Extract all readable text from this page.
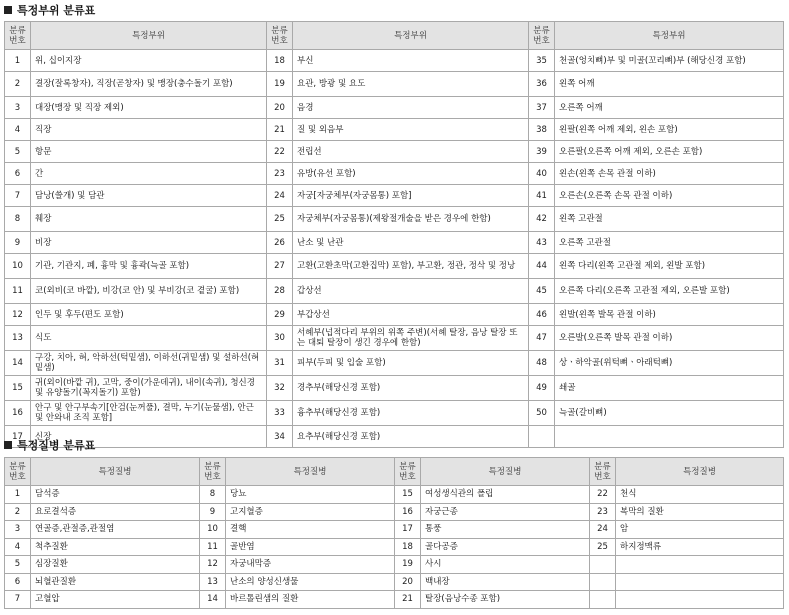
특정부위 분류표
분류 번호	특정부위	분류 번호	특정부위	분류 번호	특정부위
1	위, 십이지장	18	부신	35	천골(엉치뼈)부 및 미골(꼬리뼈)부 (해당신경 포함)
2	결장(잘록창자), 직장(곧창자) 및 맹장(충수돌기 포함)	19	요관, 방광 및 요도	36	왼쪽 어깨
3	대장(맹장 및 직장 제외)	20	음경	37	오른쪽 어깨
4	직장	21	질 및 외음부	38	왼팔(왼쪽 어깨 제외, 왼손 포함)
5	항문	22	전립선	39	오른팔(오른쪽 어깨 제외, 오른손 포함)
6	간	23	유방(유선 포함)	40	왼손(왼쪽 손목 관절 이하)
7	담낭(쓸개) 및 담관	24	자궁[자궁체부(자궁몸통) 포함]	41	오른손(오른쪽 손목 관절 이하)
8	췌장	25	자궁체부(자궁몸통)(제왕절개술을 받은 경우에 한함)	42	왼쪽 고관절
9	비장	26	난소 및 난관	43	오른쪽 고관절
10	기관, 기관지, 폐, 흉막 및 흉곽(늑골 포함)	27	고환(고환초막(고환집막) 포함), 부고환, 정관, 정삭 및 정낭	44	왼쪽 다리(왼쪽 고관절 제외, 왼발 포함)
11	코(외비(코 바깥), 비강(코 안) 및 부비강(코 곁굴) 포함)	28	갑상선	45	오른쪽 다리(오른쪽 고관절 제외, 오른발 포함)
12	인두 및 후두(편도 포함)	29	부갑상선	46	왼발(왼쪽 발목 관절 이하)
13	식도	30	서혜부(넙적다리 부위의 위쪽 주변)(서혜 탈장, 음낭 탈장 또는 대퇴 탈장이 생긴 경우에 한함)	47	오른발(오른쪽 발목 관절 이하)
14	구강, 치아, 혀, 악하선(턱밑샘), 이하선(귀밑샘) 및 설하선(혀밑샘)	31	피부(두피 및 입술 포함)	48	상ㆍ하악골(위턱뼈ㆍ아래턱뼈)
15	귀(외이(바깥 귀), 고막, 중이(가운데귀), 내이(속귀), 청신경 및 유양돌기(꼭지돌기) 포함)	32	경추부(해당신경 포함)	49	쇄골
16	안구 및 안구부속기[안검(눈꺼풀), 결막, 누기(눈물샘), 안근 및 안와내 조직 포함]	33	흉추부(해당신경 포함)	50	늑골(갈비뼈)
17	신장	34	요추부(해당신경 포함)		
특정질병 분류표
분류 번호	특정질병	분류 번호	특정질병	분류 번호	특정질병	분류 번호	특정질병
1	담석증	8	당뇨	15	여성생식관의 폴립	22	천식
2	요로결석증	9	고지혈증	16	자궁근종	23	복막의 질환
3	연골증,관절증,관절염	10	결핵	17	통풍	24	암
4	척추질환	11	골반염	18	골다공증	25	하지정맥류
5	심장질환	12	자궁내막증	19	사시		
6	뇌혈관질환	13	난소의 양성신생물	20	백내장		
7	고혈압	14	바르톨린샘의 질환	21	탈장(음낭수종 포함)		
